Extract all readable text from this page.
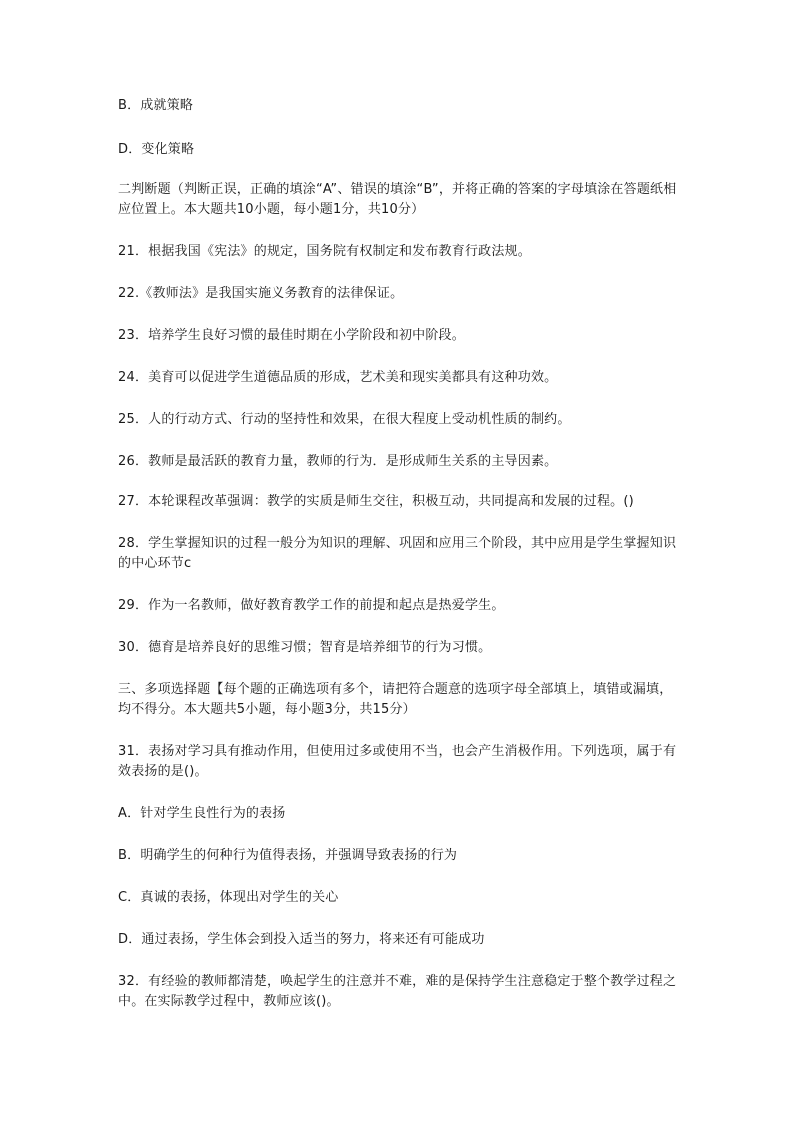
B．成就策略
D．变化策略
二判断题（判断正误，正确的填涂“A”、错误的填涂“B”，并将正确的答案的字母填涂在答题纸相应位置上。本大题共10小题，每小题1分，共10分）
21．根据我国《宪法》的规定，国务院有权制定和发布教育行政法规。
22.《教师法》是我国实施义务教育的法律保证。
23．培养学生良好习惯的最佳时期在小学阶段和初中阶段。
24．美育可以促进学生道德品质的形成，艺术美和现实美都具有这种功效。
25．人的行动方式、行动的坚持性和效果，在很大程度上受动机性质的制约。
26．教师是最活跃的教育力量，教师的行为．是形成师生关系的主导因素。
27．本轮课程改革强调：教学的实质是师生交往，积极互动，共同提高和发展的过程。()
28．学生掌握知识的过程一般分为知识的理解、巩固和应用三个阶段，其中应用是学生掌握知识的中心环节c
29．作为一名教师，做好教育教学工作的前提和起点是热爱学生。
30．德育是培养良好的思维习惯；智育是培养细节的行为习惯。
三、多项选择题【每个题的正确选项有多个，请把符合题意的选项字母全部填上，填错或漏填，均不得分。本大题共5小题，每小题3分，共15分）
31．表扬对学习具有推动作用，但使用过多或使用不当，也会产生消极作用。下列选项，属于有效表扬的是()。
A．针对学生良性行为的表扬
B．明确学生的何种行为值得表扬，并强调导致表扬的行为
C．真诚的表扬，体现出对学生的关心
D．通过表扬，学生体会到投入适当的努力，将来还有可能成功
32．有经验的教师都清楚，唤起学生的注意并不难，难的是保持学生注意稳定于整个教学过程之中。在实际教学过程中，教师应该()。
